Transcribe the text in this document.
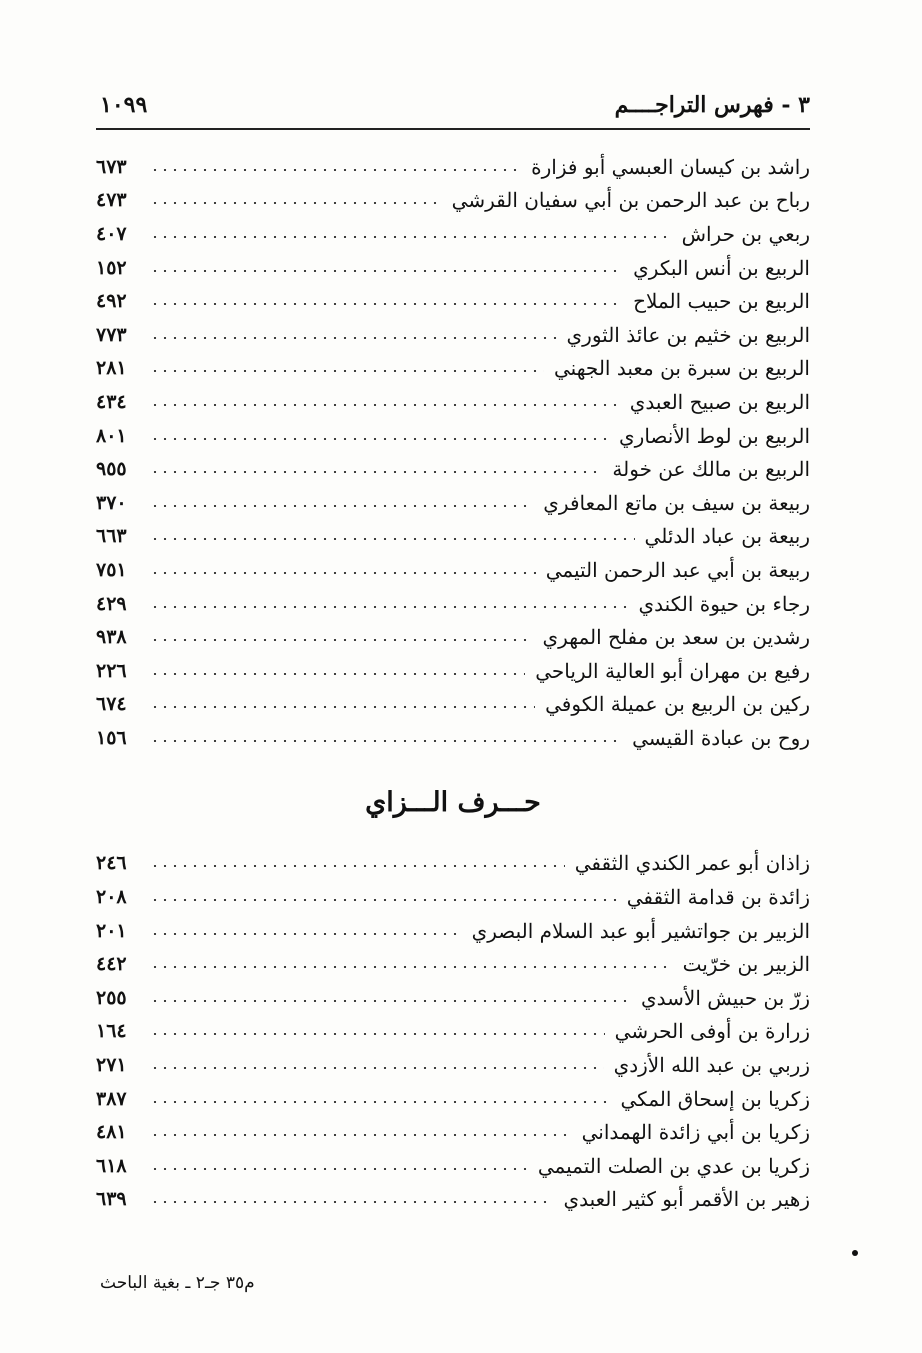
٣ - فهرس التراجــــم
١٠٩٩
راشد بن كيسان العبسي أبو فزارة
٦٧٣
رباح بن عبد الرحمن بن أبي سفيان القرشي
٤٧٣
ربعي بن حراش
٤٠٧
الربيع بن أنس البكري
١٥٢
الربيع بن حبيب الملاح
٤٩٢
الربيع بن خثيم بن عائذ الثوري
٧٧٣
الربيع بن سبرة بن معبد الجهني
٢٨١
الربيع بن صبيح العبدي
٤٣٤
الربيع بن لوط الأنصاري
٨٠١
الربيع بن مالك عن خولة
٩٥٥
ربيعة بن سيف بن ماتع المعافري
٣٧٠
ربيعة بن عباد الدئلي
٦٦٣
ربيعة بن أبي عبد الرحمن التيمي
٧٥١
رجاء بن حيوة الكندي
٤٢٩
رشدين بن سعد بن مفلح المهري
٩٣٨
رفيع بن مهران أبو العالية الرياحي
٢٢٦
ركين بن الربيع بن عميلة الكوفي
٦٧٤
روح بن عبادة القيسي
١٥٦
حـــرف الـــزاي
زاذان أبو عمر الكندي الثقفي
٢٤٦
زائدة بن قدامة الثقفي
٢٠٨
الزبير بن جواتشير أبو عبد السلام البصري
٢٠١
الزبير بن خرّيت
٤٤٢
زرّ بن حبيش الأسدي
٢٥٥
زرارة بن أوفى الحرشي
١٦٤
زربي بن عبد الله الأزدي
٢٧١
زكريا بن إسحاق المكي
٣٨٧
زكريا بن أبي زائدة الهمداني
٤٨١
زكريا بن عدي بن الصلت التميمي
٦١٨
زهير بن الأقمر أبو كثير العبدي
٦٣٩
م٣٥ جـ٢ ـ بغية الباحث
